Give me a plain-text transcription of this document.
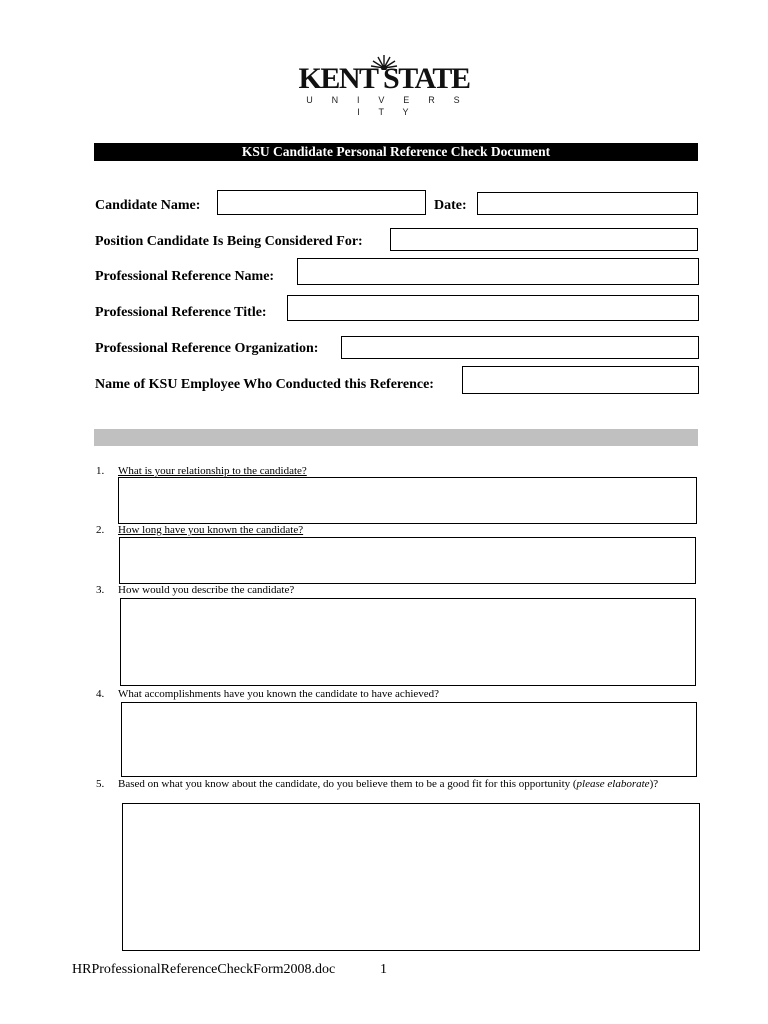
KENT STATE
U N I V E R S I T Y
KSU Candidate Personal Reference Check Document
Candidate Name:	Date:
Position Candidate Is Being Considered For:
Professional Reference Name:
Professional Reference Title:
Professional Reference Organization:
Name of KSU Employee Who Conducted this Reference:
1. What is your relationship to the candidate?
2. How long have you known the candidate?
3. How would you describe the candidate?
4. What accomplishments have you known the candidate to have achieved?
5. Based on what you know about the candidate, do you believe them to be a good fit for this opportunity (please elaborate)?
HRProfessionalReferenceCheckForm2008.doc	1
